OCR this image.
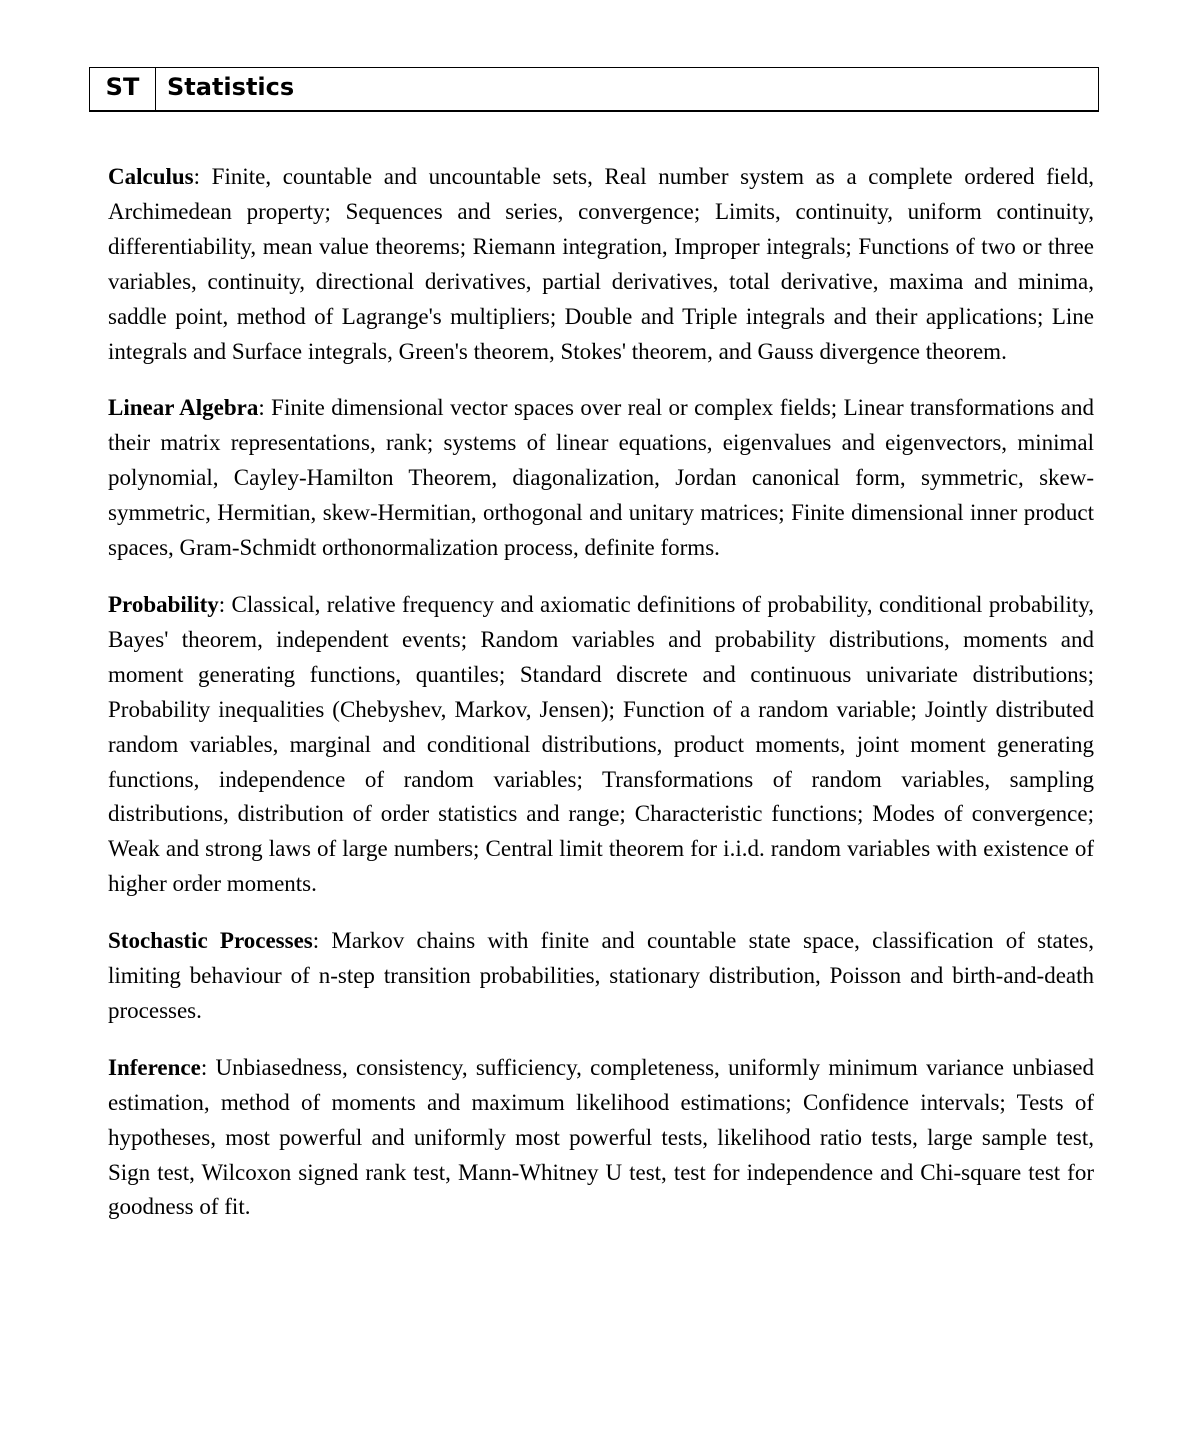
ST	Statistics

Calculus: Finite, countable and uncountable sets, Real number system as a complete ordered field, Archimedean property; Sequences and series, convergence; Limits, continuity, uniform continuity, differentiability, mean value theorems; Riemann integration, Improper integrals; Functions of two or three variables, continuity, directional derivatives, partial derivatives, total derivative, maxima and minima, saddle point, method of Lagrange's multipliers; Double and Triple integrals and their applications; Line integrals and Surface integrals, Green's theorem, Stokes' theorem, and Gauss divergence theorem.

Linear Algebra: Finite dimensional vector spaces over real or complex fields; Linear transformations and their matrix representations, rank; systems of linear equations, eigenvalues and eigenvectors, minimal polynomial, Cayley-Hamilton Theorem, diagonalization, Jordan canonical form, symmetric, skew-symmetric, Hermitian, skew-Hermitian, orthogonal and unitary matrices; Finite dimensional inner product spaces, Gram-Schmidt orthonormalization process, definite forms.

Probability: Classical, relative frequency and axiomatic definitions of probability, conditional probability, Bayes' theorem, independent events; Random variables and probability distributions, moments and moment generating functions, quantiles; Standard discrete and continuous univariate distributions; Probability inequalities (Chebyshev, Markov, Jensen); Function of a random variable; Jointly distributed random variables, marginal and conditional distributions, product moments, joint moment generating functions, independence of random variables; Transformations of random variables, sampling distributions, distribution of order statistics and range; Characteristic functions; Modes of convergence; Weak and strong laws of large numbers; Central limit theorem for i.i.d. random variables with existence of higher order moments.

Stochastic Processes: Markov chains with finite and countable state space, classification of states, limiting behaviour of n-step transition probabilities, stationary distribution, Poisson and birth-and-death processes.

Inference: Unbiasedness, consistency, sufficiency, completeness, uniformly minimum variance unbiased estimation, method of moments and maximum likelihood estimations; Confidence intervals; Tests of hypotheses, most powerful and uniformly most powerful tests, likelihood ratio tests, large sample test, Sign test, Wilcoxon signed rank test, Mann-Whitney U test, test for independence and Chi-square test for goodness of fit.
